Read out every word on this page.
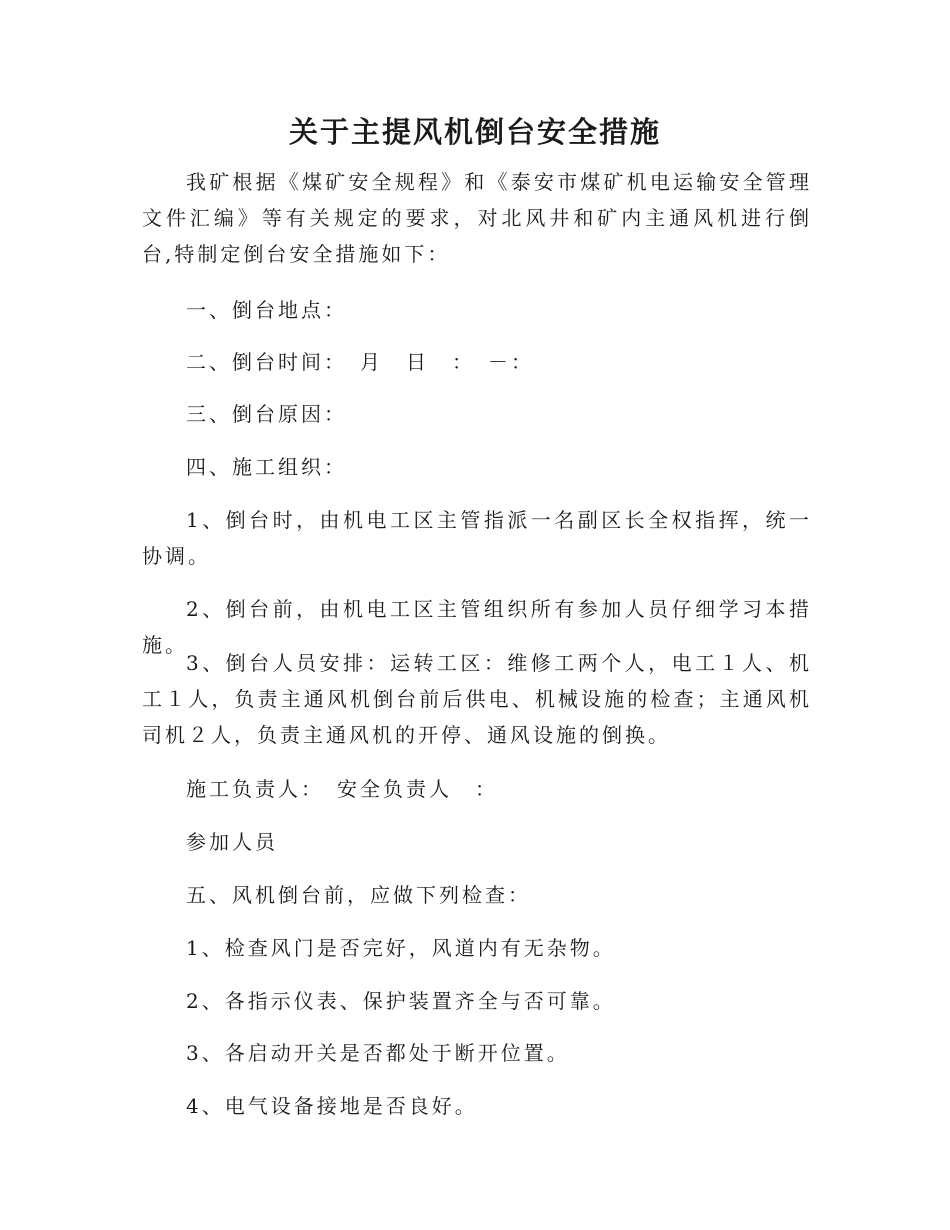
关于主提风机倒台安全措施

我矿根据《煤矿安全规程》和《泰安市煤矿机电运输安全管理文件汇编》等有关规定的要求，对北风井和矿内主通风机进行倒台,特制定倒台安全措施如下：

一、倒台地点：

二、倒台时间：　月　日　：　－：

三、倒台原因：

四、施工组织：

1、倒台时，由机电工区主管指派一名副区长全权指挥，统一协调。

2、倒台前，由机电工区主管组织所有参加人员仔细学习本措施。

3、倒台人员安排：运转工区：维修工两个人，电工１人、机工１人，负责主通风机倒台前后供电、机械设施的检查；主通风机司机２人，负责主通风机的开停、通风设施的倒换。

施工负责人：　安全负责人　：

参加人员

五、风机倒台前，应做下列检查：

1、检查风门是否完好，风道内有无杂物。

2、各指示仪表、保护装置齐全与否可靠。

3、各启动开关是否都处于断开位置。

4、电气设备接地是否良好。
